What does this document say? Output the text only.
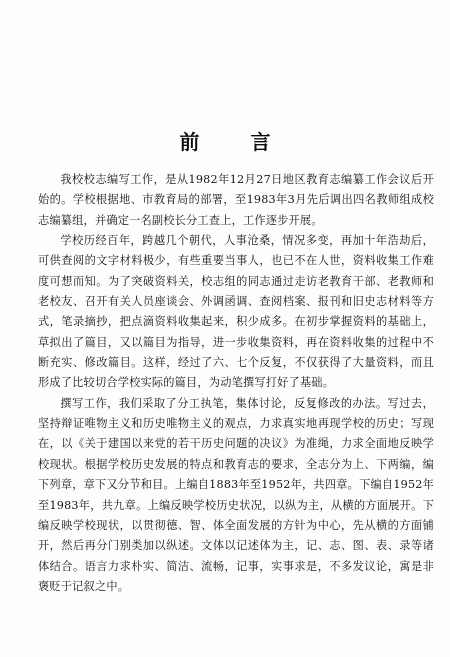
前 言

我校校志编写工作，是从1982年12月27日地区教育志编纂工作会议后开始的。学校根据地、市教育局的部署，至1983年3月先后调出四名教师组成校志编纂组，并确定一名副校长分工查上，工作逐步开展。

学校历经百年，跨越几个朝代，人事沧桑，情况多变，再加十年浩劫后，可供查阅的文字材料极少，有些重要当事人，也已不在人世，资料收集工作难度可想而知。为了突破资料关，校志组的同志通过走访老教育干部、老教师和老校友、召开有关人员座谈会、外调函调、查阅档案、报刊和旧史志材料等方式，笔录摘抄，把点滴资料收集起来，积少成多。在初步掌握资料的基础上，草拟出了篇目，又以篇目为指导，进一步收集资料，再在资料收集的过程中不断充实、修改篇目。这样，经过了六、七个反复，不仅获得了大量资料，而且形成了比较切合学校实际的篇目，为动笔撰写打好了基础。

撰写工作，我们采取了分工执笔，集体讨论，反复修改的办法。写过去，坚持辩证唯物主义和历史唯物主义的观点，力求真实地再现学校的历史；写现在，以《关于建国以来党的若干历史问题的决议》为准绳，力求全面地反映学校现状。根据学校历史发展的特点和教育志的要求，全志分为上、下两编，编下列章，章下又分节和目。上编自1883年至1952年，共四章。下编自1952年至1983年，共九章。上编反映学校历史状况，以纵为主，从横的方面展开。下编反映学校现状，以贯彻德、智、体全面发展的方针为中心，先从横的方面铺开，然后再分门别类加以纵述。文体以记述体为主，记、志、图、表、录等诸体结合。语言力求朴实、简洁、流畅，记事，实事求是，不多发议论，寓是非褒贬于记叙之中。
